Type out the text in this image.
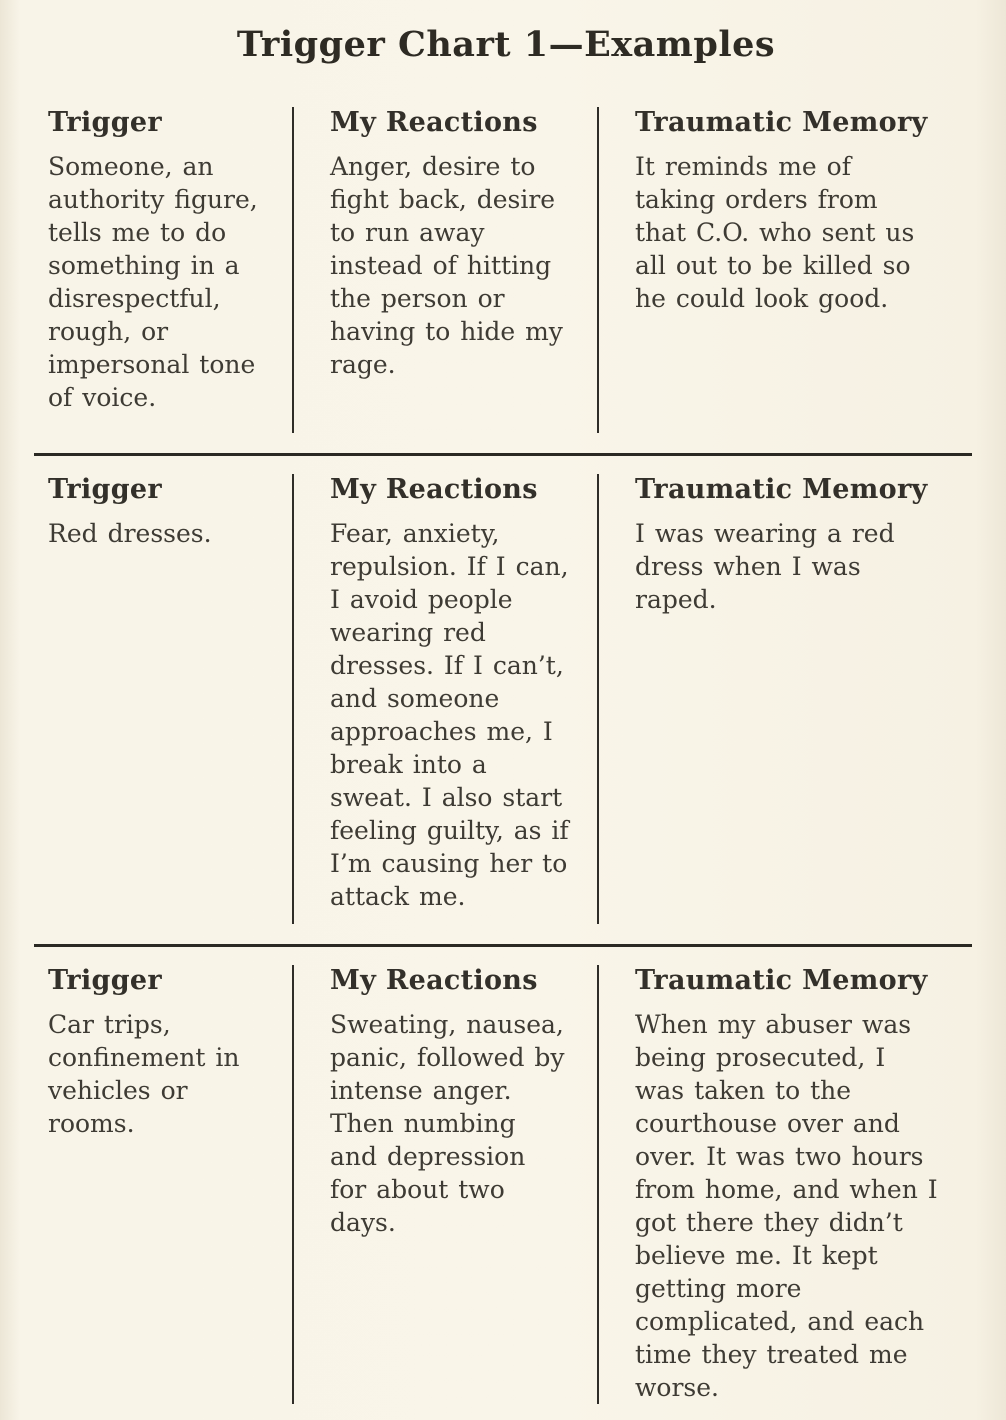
Trigger Chart 1—Examples
Trigger

Someone, an authority figure, tells me to do something in a disrespectful, rough, or impersonal tone of voice.

My Reactions

Anger, desire to fight back, desire to run away instead of hitting the person or having to hide my rage.

Traumatic Memory

It reminds me of taking orders from that C.O. who sent us all out to be killed so he could look good.

Trigger

Red dresses.

My Reactions

Fear, anxiety, repulsion. If I can, I avoid people wearing red dresses. If I can’t, and someone approaches me, I break into a sweat. I also start feeling guilty, as if I’m causing her to attack me.

Traumatic Memory

I was wearing a red dress when I was raped.

Trigger

Car trips, confinement in vehicles or rooms.

My Reactions

Sweating, nausea, panic, followed by intense anger. Then numbing and depression for about two days.

Traumatic Memory

When my abuser was being prosecuted, I was taken to the courthouse over and over. It was two hours from home, and when I got there they didn’t believe me. It kept getting more complicated, and each time they treated me worse.
